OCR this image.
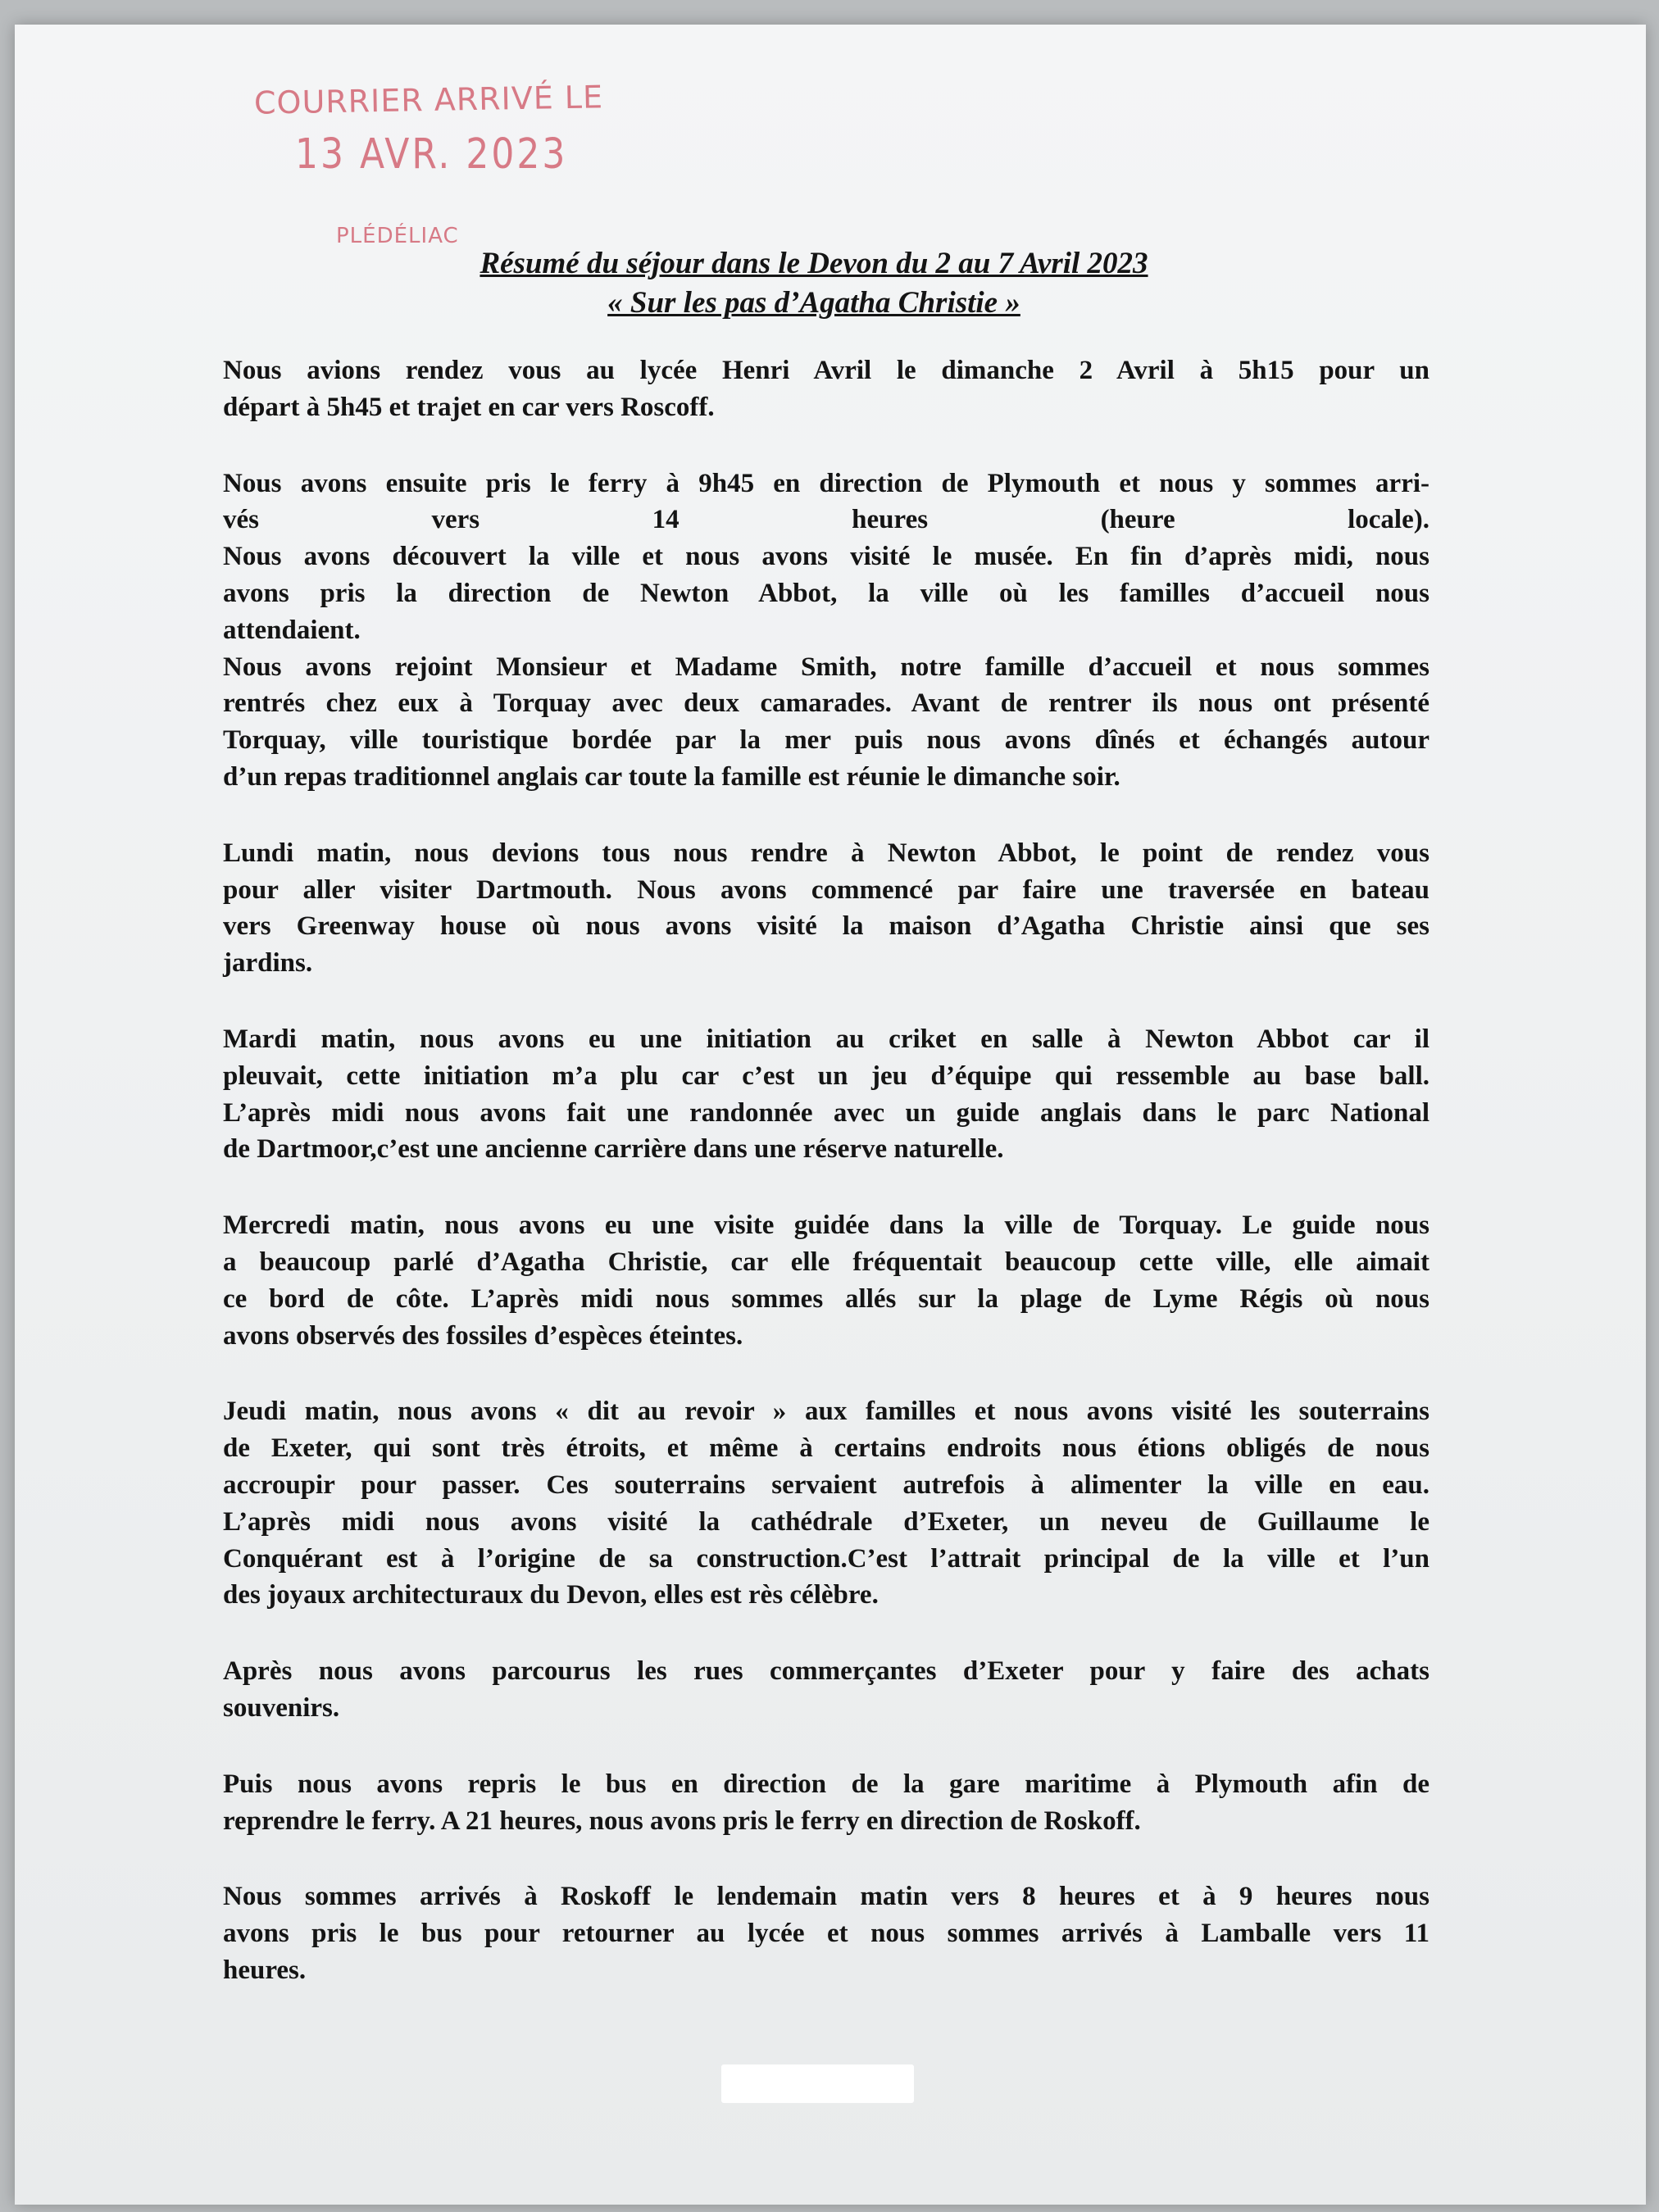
COURRIER ARRIVÉ LE
13 AVR. 2023
PLÉDÉLIAC
Résumé du séjour dans le Devon du 2 au 7 Avril 2023
« Sur les pas d’Agatha Christie »
Nous avions rendez vous au lycée Henri Avril le dimanche 2 Avril à 5h15 pour un
départ à 5h45 et trajet en car vers Roscoff.
Nous avons ensuite pris le ferry à 9h45 en direction de Plymouth et nous y sommes arri-
vés vers 14 heures (heure locale).
Nous avons découvert la ville et nous avons visité le musée. En fin d’après midi, nous
avons pris la direction de Newton Abbot, la ville où les familles d’accueil nous
attendaient.
Nous avons rejoint Monsieur et Madame Smith, notre famille d’accueil et nous sommes
rentrés chez eux à Torquay avec deux camarades. Avant de rentrer ils nous ont présenté
Torquay, ville touristique bordée par la mer puis nous avons dînés et échangés autour
d’un repas traditionnel anglais car toute la famille est réunie le dimanche soir.
Lundi matin, nous devions tous nous rendre à Newton Abbot, le point de rendez vous
pour aller visiter Dartmouth. Nous avons commencé par faire une traversée en bateau
vers Greenway house où nous avons visité la maison d’Agatha Christie ainsi que ses
jardins.
Mardi matin, nous avons eu une initiation au criket en salle à Newton Abbot car il
pleuvait, cette initiation m’a plu car c’est un jeu d’équipe qui ressemble au base ball.
L’après midi nous avons fait une randonnée avec un guide anglais dans le parc National
de Dartmoor,c’est une ancienne carrière dans une réserve naturelle.
Mercredi matin, nous avons eu une visite guidée dans la ville de Torquay. Le guide nous
a beaucoup parlé d’Agatha Christie, car elle fréquentait beaucoup cette ville, elle aimait
ce bord de côte. L’après midi nous sommes allés sur la plage de Lyme Régis où nous
avons observés des fossiles d’espèces éteintes.
Jeudi matin, nous avons « dit au revoir » aux familles et nous avons visité les souterrains
de Exeter, qui sont très étroits, et même à certains endroits nous étions obligés de nous
accroupir pour passer. Ces souterrains servaient autrefois à alimenter la ville en eau.
L’après midi nous avons visité la cathédrale d’Exeter, un neveu de Guillaume le
Conquérant est à l’origine de sa construction.C’est l’attrait principal de la ville et l’un
des joyaux architecturaux du Devon, elles est rès célèbre.
Après nous avons parcourus les rues commerçantes d’Exeter pour y faire des achats
souvenirs.
Puis nous avons repris le bus en direction de la gare maritime à Plymouth afin de
reprendre le ferry. A 21 heures, nous avons pris le ferry en direction de Roskoff.
Nous sommes arrivés à Roskoff le lendemain matin vers 8 heures et à 9 heures nous
avons pris le bus pour retourner au lycée et nous sommes arrivés à Lamballe vers 11
heures.
